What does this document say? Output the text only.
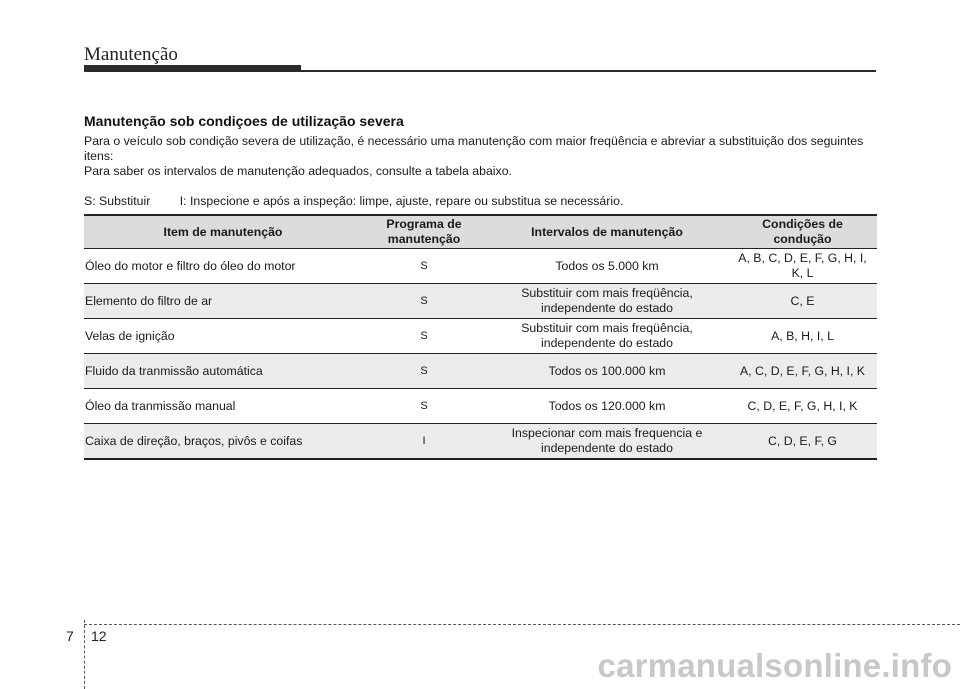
Manutenção
Manutenção sob condiçoes de utilização severa

Para o veículo sob condição severa de utilização, é necessário uma manutenção com maior freqüência e abreviar a substituição dos seguintes itens:

Para saber os intervalos de manutenção adequados, consulte a tabela abaixo.

S: Substituir I: Inspecione e após a inspeção: limpe, ajuste, repare ou substitua se necessário.
Item de manutenção	Programa de manutenção	Intervalos de manutenção	Condições de condução
Óleo do motor e filtro do óleo do motor	S	Todos os 5.000 km	A, B, C, D, E, F, G, H, I, K, L
Elemento do filtro de ar	S	Substituir com mais freqüência, independente do estado	C, E
Velas de ignição	S	Substituir com mais freqüência, independente do estado	A, B, H, I, L
Fluido da tranmissão automática	S	Todos os 100.000 km	A, C, D, E, F, G, H, I, K
Óleo da tranmissão manual	S	Todos os 120.000 km	C, D, E, F, G, H, I, K
Caixa de direção, braços, pivôs e coifas	I	Inspecionar com mais frequencia e independente do estado	C, D, E, F, G
7 12
carmanualsonline.info
